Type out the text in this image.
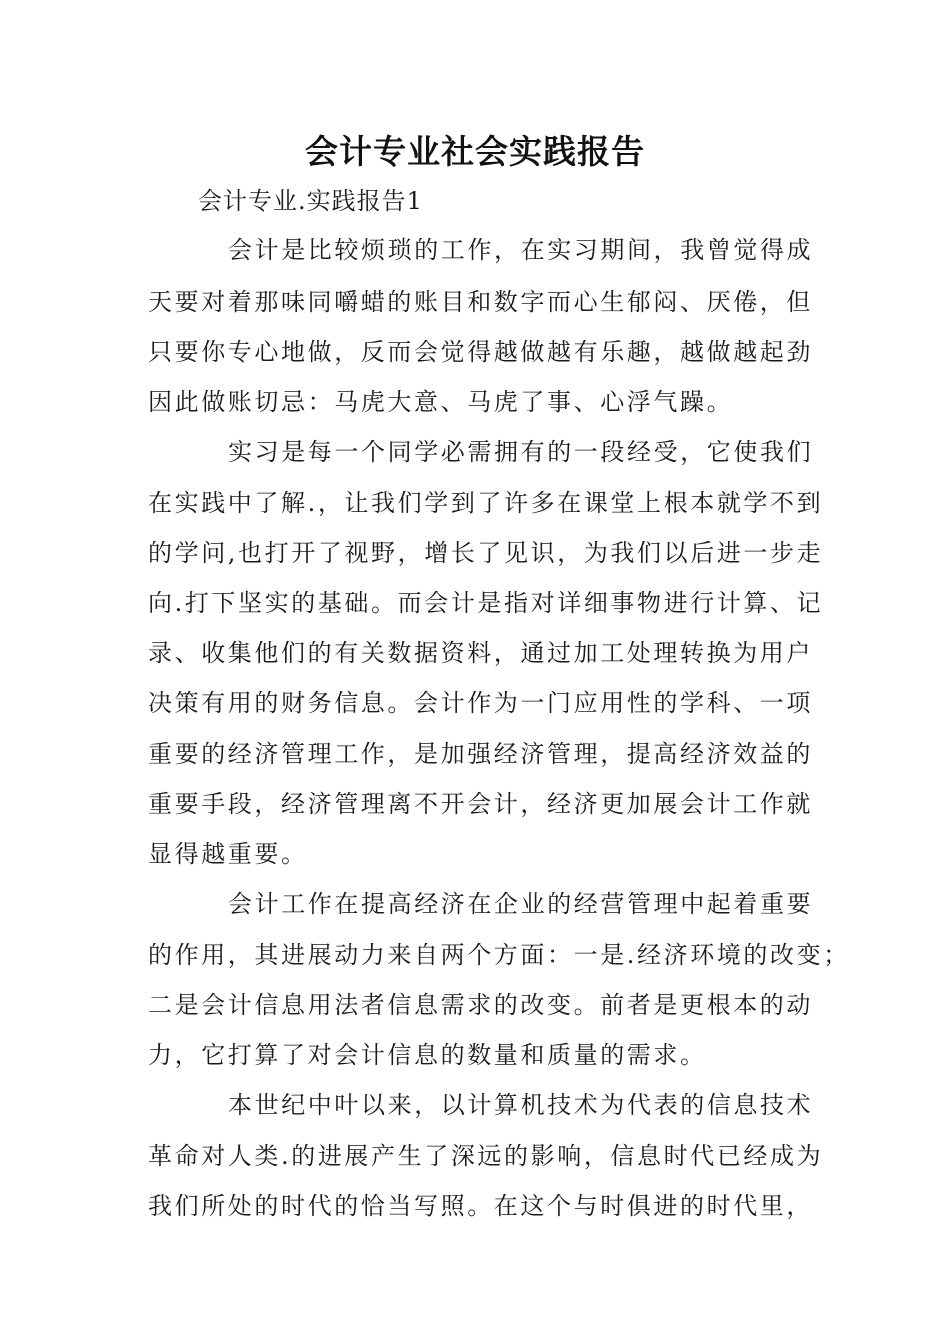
会计专业社会实践报告
会计专业.实践报告1
会计是比较烦琐的工作，在实习期间，我曾觉得成
天要对着那味同嚼蜡的账目和数字而心生郁闷、厌倦，但
只要你专心地做，反而会觉得越做越有乐趣，越做越起劲
因此做账切忌：马虎大意、马虎了事、心浮气躁。
实习是每一个同学必需拥有的一段经受，它使我们
在实践中了解.，让我们学到了许多在课堂上根本就学不到
的学问,也打开了视野，增长了见识，为我们以后进一步走
向.打下坚实的基础。而会计是指对详细事物进行计算、记
录、收集他们的有关数据资料，通过加工处理转换为用户
决策有用的财务信息。会计作为一门应用性的学科、一项
重要的经济管理工作，是加强经济管理，提高经济效益的
重要手段，经济管理离不开会计，经济更加展会计工作就
显得越重要。
会计工作在提高经济在企业的经营管理中起着重要
的作用，其进展动力来自两个方面：一是.经济环境的改变；
二是会计信息用法者信息需求的改变。前者是更根本的动
力，它打算了对会计信息的数量和质量的需求。
本世纪中叶以来，以计算机技术为代表的信息技术
革命对人类.的进展产生了深远的影响，信息时代已经成为
我们所处的时代的恰当写照。在这个与时俱进的时代里，
